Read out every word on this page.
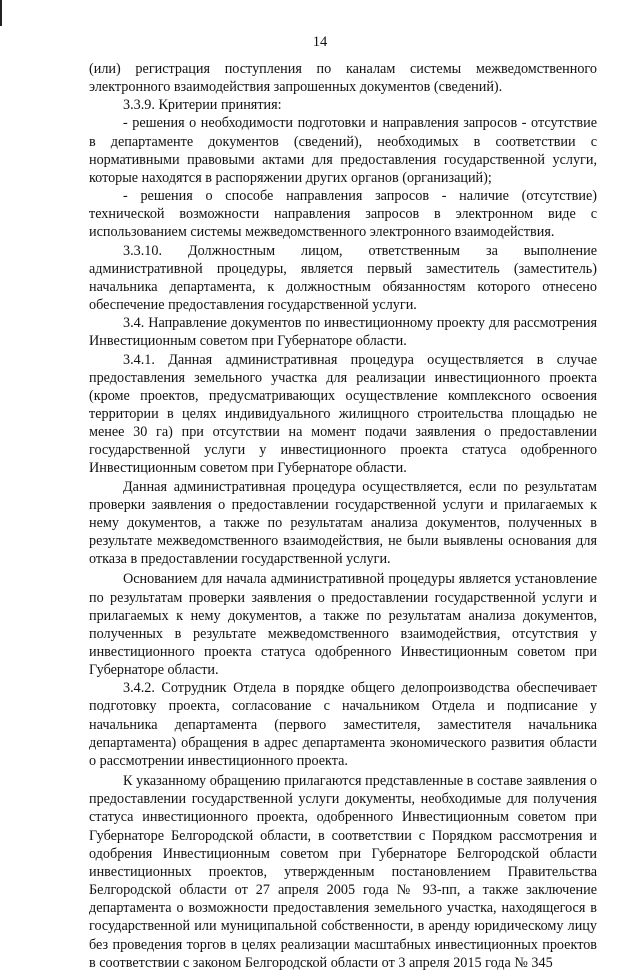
14

(или) регистрация поступления по каналам системы межведомственного электронного взаимодействия запрошенных документов (сведений).

3.3.9. Критерии принятия:

- решения о необходимости подготовки и направления запросов - отсутствие в департаменте документов (сведений), необходимых в соответствии с нормативными правовыми актами для предоставления государственной услуги, которые находятся в распоряжении других органов (организаций);

- решения о способе направления запросов - наличие (отсутствие) технической возможности направления запросов в электронном виде с использованием системы межведомственного электронного взаимодействия.

3.3.10. Должностным лицом, ответственным за выполнение административной процедуры, является первый заместитель (заместитель) начальника департамента, к должностным обязанностям которого отнесено обеспечение предоставления государственной услуги.

3.4. Направление документов по инвестиционному проекту для рассмотрения Инвестиционным советом при Губернаторе области.

3.4.1. Данная административная процедура осуществляется в случае предоставления земельного участка для реализации инвестиционного проекта (кроме проектов, предусматривающих осуществление комплексного освоения территории в целях индивидуального жилищного строительства площадью не менее 30 га) при отсутствии на момент подачи заявления о предоставлении государственной услуги у инвестиционного проекта статуса одобренного Инвестиционным советом при Губернаторе области.

Данная административная процедура осуществляется, если по результатам проверки заявления о предоставлении государственной услуги и прилагаемых к нему документов, а также по результатам анализа документов, полученных в результате межведомственного взаимодействия, не были выявлены основания для отказа в предоставлении государственной услуги.

Основанием для начала административной процедуры является установление по результатам проверки заявления о предоставлении государственной услуги и прилагаемых к нему документов, а также по результатам анализа документов, полученных в результате межведомственного взаимодействия, отсутствия у инвестиционного проекта статуса одобренного Инвестиционным советом при Губернаторе области.

3.4.2. Сотрудник Отдела в порядке общего делопроизводства обеспечивает подготовку проекта, согласование с начальником Отдела и подписание у начальника департамента (первого заместителя, заместителя начальника департамента) обращения в адрес департамента экономического развития области о рассмотрении инвестиционного проекта.

К указанному обращению прилагаются представленные в составе заявления о предоставлении государственной услуги документы, необходимые для получения статуса инвестиционного проекта, одобренного Инвестиционным советом при Губернаторе Белгородской области, в соответствии с Порядком рассмотрения и одобрения Инвестиционным советом при Губернаторе Белгородской области инвестиционных проектов, утвержденным постановлением Правительства Белгородской области от 27 апреля 2005 года № 93-пп, а также заключение департамента о возможности предоставления земельного участка, находящегося в государственной или муниципальной собственности, в аренду юридическому лицу без проведения торгов в целях реализации масштабных инвестиционных проектов в соответствии с законом Белгородской области от 3 апреля 2015 года № 345
